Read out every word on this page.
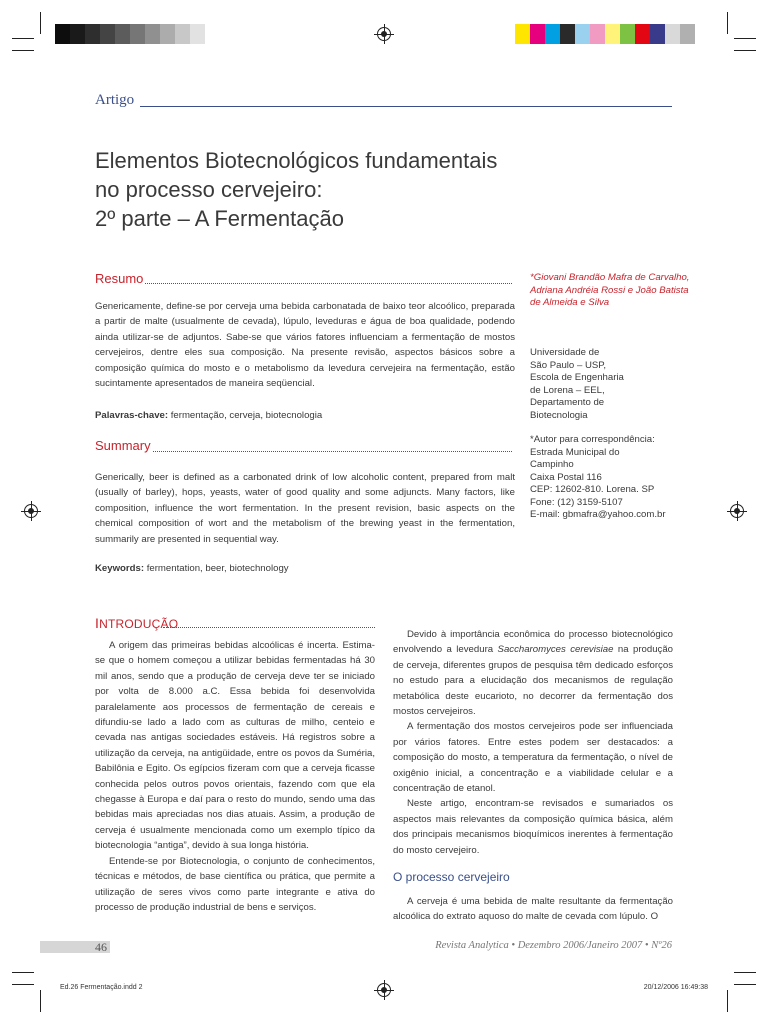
Artigo
Elementos Biotecnológicos fundamentais
no processo cervejeiro:
2º parte – A Fermentação
Resumo

Genericamente, define-se por cerveja uma bebida carbonatada de baixo teor alcoólico, preparada a partir de malte (usualmente de cevada), lúpulo, leveduras e água de boa qualidade, podendo ainda utilizar-se de adjuntos. Sabe-se que vários fatores influenciam a fermentação de mostos cervejeiros, dentre eles sua composição. Na presente revisão, aspectos básicos sobre a composição química do mosto e o metabolismo da levedura cervejeira na fermentação, estão sucintamente apresentados de maneira seqüencial.

Palavras-chave: fermentação, cerveja, biotecnologia
Summary

Generically, beer is defined as a carbonated drink of low alcoholic content, prepared from malt (usually of barley), hops, yeasts, water of good quality and some adjuncts. Many factors, like composition, influence the wort fermentation. In the present revision, basic aspects on the chemical composition of wort and the metabolism of the brewing yeast in the fermentation, summarily are presented in sequential way.

Keywords: fermentation, beer, biotechnology
*Giovani Brandão Mafra de Carvalho, Adriana Andréia Rossi e João Batista de Almeida e Silva
Universidade de
São Paulo – USP,
Escola de Engenharia
de Lorena – EEL,
Departamento de
Biotecnologia
*Autor para correspondência:
Estrada Municipal do
Campinho
Caixa Postal 116
CEP: 12602-810. Lorena. SP
Fone: (12) 3159-5107
E-mail: gbmafra@yahoo.com.br
INTRODUÇÃO

A origem das primeiras bebidas alcoólicas é incerta. Estima-se que o homem começou a utilizar bebidas fermentadas há 30 mil anos, sendo que a produção de cerveja deve ter se iniciado por volta de 8.000 a.C. Essa bebida foi desenvolvida paralelamente aos processos de fermentação de cereais e difundiu-se lado a lado com as culturas de milho, centeio e cevada nas antigas sociedades estáveis. Há registros sobre a utilização da cerveja, na antigüidade, entre os povos da Suméria, Babilônia e Egito. Os egípcios fizeram com que a cerveja ficasse conhecida pelos outros povos orientais, fazendo com que ela chegasse à Europa e daí para o resto do mundo, sendo uma das bebidas mais apreciadas nos dias atuais. Assim, a produção de cerveja é usualmente mencionada como um exemplo típico da biotecnologia “antiga”, devido à sua longa história.

Entende-se por Biotecnologia, o conjunto de conhecimentos, técnicas e métodos, de base científica ou prática, que permite a utilização de seres vivos como parte integrante e ativa do processo de produção industrial de bens e serviços.

Devido à importância econômica do processo biotecnológico envolvendo a levedura Saccharomyces cerevisiae na produção de cerveja, diferentes grupos de pesquisa têm dedicado esforços no estudo para a elucidação dos mecanismos de regulação metabólica deste eucarioto, no decorrer da fermentação dos mostos cervejeiros.

A fermentação dos mostos cervejeiros pode ser influenciada por vários fatores. Entre estes podem ser destacados: a composição do mosto, a temperatura da fermentação, o nível de oxigênio inicial, a concentração e a viabilidade celular e a concentração de etanol.

Neste artigo, encontram-se revisados e sumariados os aspectos mais relevantes da composição química básica, além dos principais mecanismos bioquímicos inerentes à fermentação do mosto cervejeiro.

O processo cervejeiro

A cerveja é uma bebida de malte resultante da fermentação alcoólica do extrato aquoso do malte de cevada com lúpulo. O

46	Revista Analytica • Dezembro 2006/Janeiro 2007 • Nº26
Ed.26 Fermentação.indd 2	20/12/2006 16:49:38
